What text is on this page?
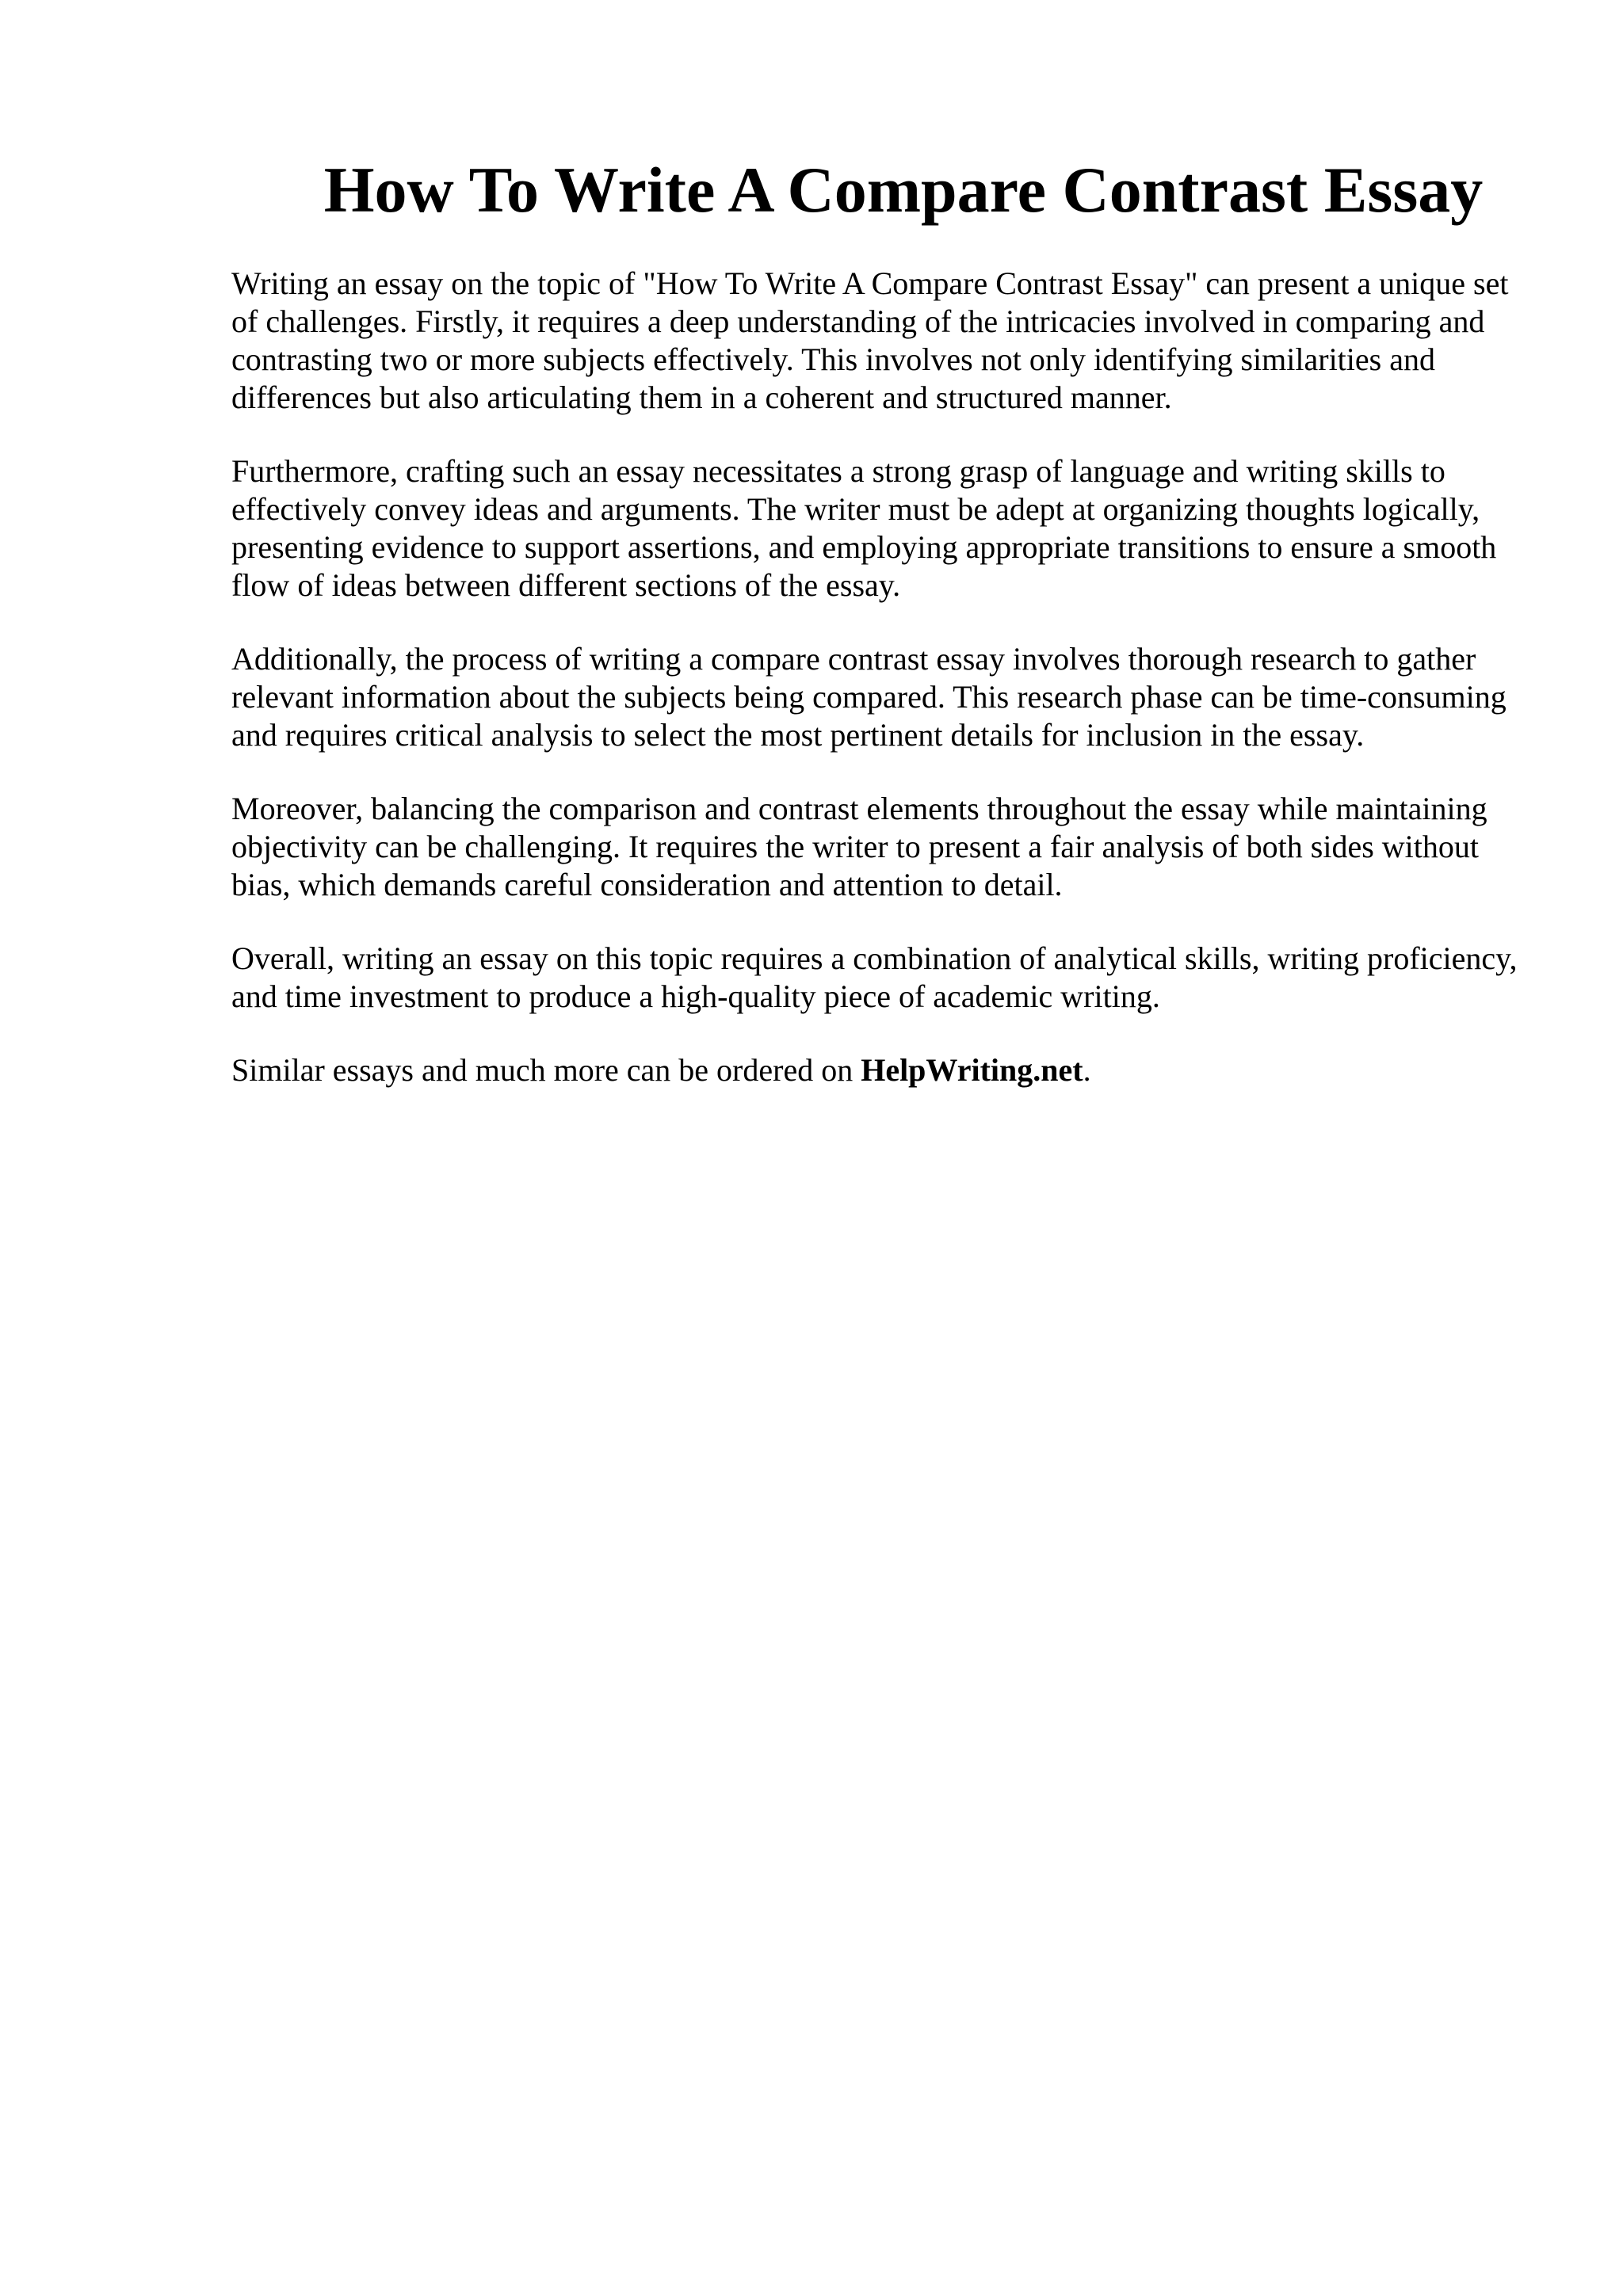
How To Write A Compare Contrast Essay

Writing an essay on the topic of "How To Write A Compare Contrast Essay" can present a unique set of challenges. Firstly, it requires a deep understanding of the intricacies involved in comparing and contrasting two or more subjects effectively. This involves not only identifying similarities and differences but also articulating them in a coherent and structured manner.

Furthermore, crafting such an essay necessitates a strong grasp of language and writing skills to effectively convey ideas and arguments. The writer must be adept at organizing thoughts logically, presenting evidence to support assertions, and employing appropriate transitions to ensure a smooth flow of ideas between different sections of the essay.

Additionally, the process of writing a compare contrast essay involves thorough research to gather relevant information about the subjects being compared. This research phase can be time-consuming and requires critical analysis to select the most pertinent details for inclusion in the essay.

Moreover, balancing the comparison and contrast elements throughout the essay while maintaining objectivity can be challenging. It requires the writer to present a fair analysis of both sides without bias, which demands careful consideration and attention to detail.

Overall, writing an essay on this topic requires a combination of analytical skills, writing proficiency, and time investment to produce a high-quality piece of academic writing.

Similar essays and much more can be ordered on HelpWriting.net.
